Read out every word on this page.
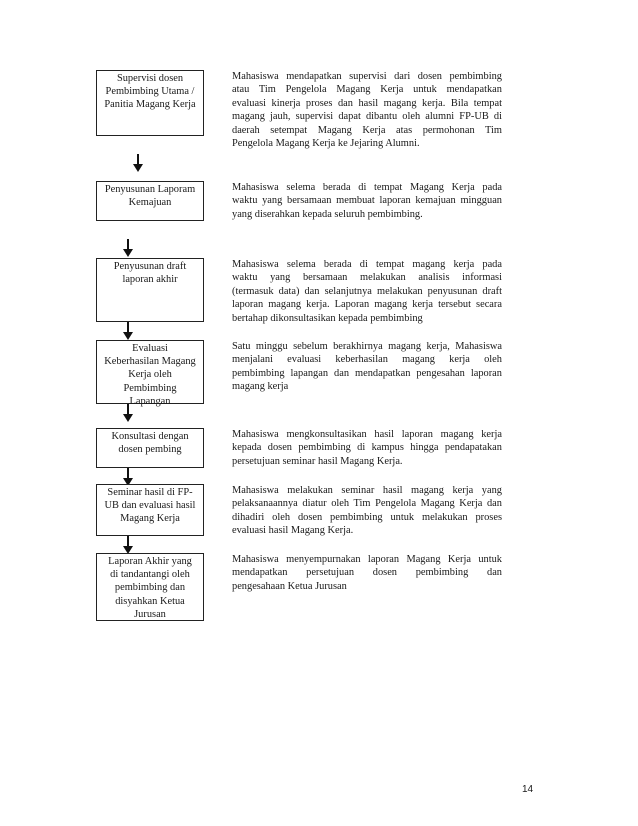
Supervisi dosen
Pembimbing Utama /
Panitia Magang Kerja
Mahasiswa mendapatkan supervisi dari dosen pembimbing
atau Tim Pengelola Magang Kerja untuk mendapatkan
evaluasi kinerja proses dan hasil magang kerja. Bila tempat
magang jauh, supervisi dapat dibantu oleh alumni FP-UB di
daerah setempat Magang Kerja atas permohonan Tim
Pengelola Magang Kerja ke Jejaring Alumni.
Penyusunan Laporam
Kemajuan
Mahasiswa selema berada di tempat Magang Kerja pada
waktu yang bersamaan membuat laporan kemajuan mingguan
yang diserahkan kepada seluruh pembimbing.
Penyusunan draft
laporan akhir
Mahasiswa selema berada di tempat magang kerja pada
waktu yang bersamaan melakukan analisis informasi
(termasuk data) dan selanjutnya melakukan penyusunan draft
laporan magang kerja. Laporan magang kerja tersebut secara
bertahap dikonsultasikan kepada pembimbing
Evaluasi
Keberhasilan Magang
Kerja oleh
Pembimbing
Lapangan
Satu minggu sebelum berakhirnya magang kerja, Mahasiswa
menjalani evaluasi keberhasilan magang kerja oleh
pembimbing lapangan dan mendapatkan pengesahan laporan
magang kerja
Konsultasi dengan
dosen pembing
Mahasiswa mengkonsultasikan hasil laporan magang kerja
kepada dosen pembimbing di kampus hingga pendapatakan
persetujuan seminar hasil Magang Kerja.
Seminar hasil di FP-
UB dan evaluasi hasil
Magang Kerja
Mahasiswa melakukan seminar hasil magang kerja yang
pelaksanaannya diatur oleh Tim Pengelola Magang Kerja dan
dihadiri oleh dosen pembimbing untuk melakukan proses
evaluasi hasil Magang Kerja.
Laporan Akhir yang
di tandantangi oleh
pembimbing dan
disyahkan Ketua
Jurusan
Mahasiswa menyempurnakan laporan Magang Kerja untuk
mendapatkan persetujuan dosen pembimbing dan
pengesahaan Ketua Jurusan
14
